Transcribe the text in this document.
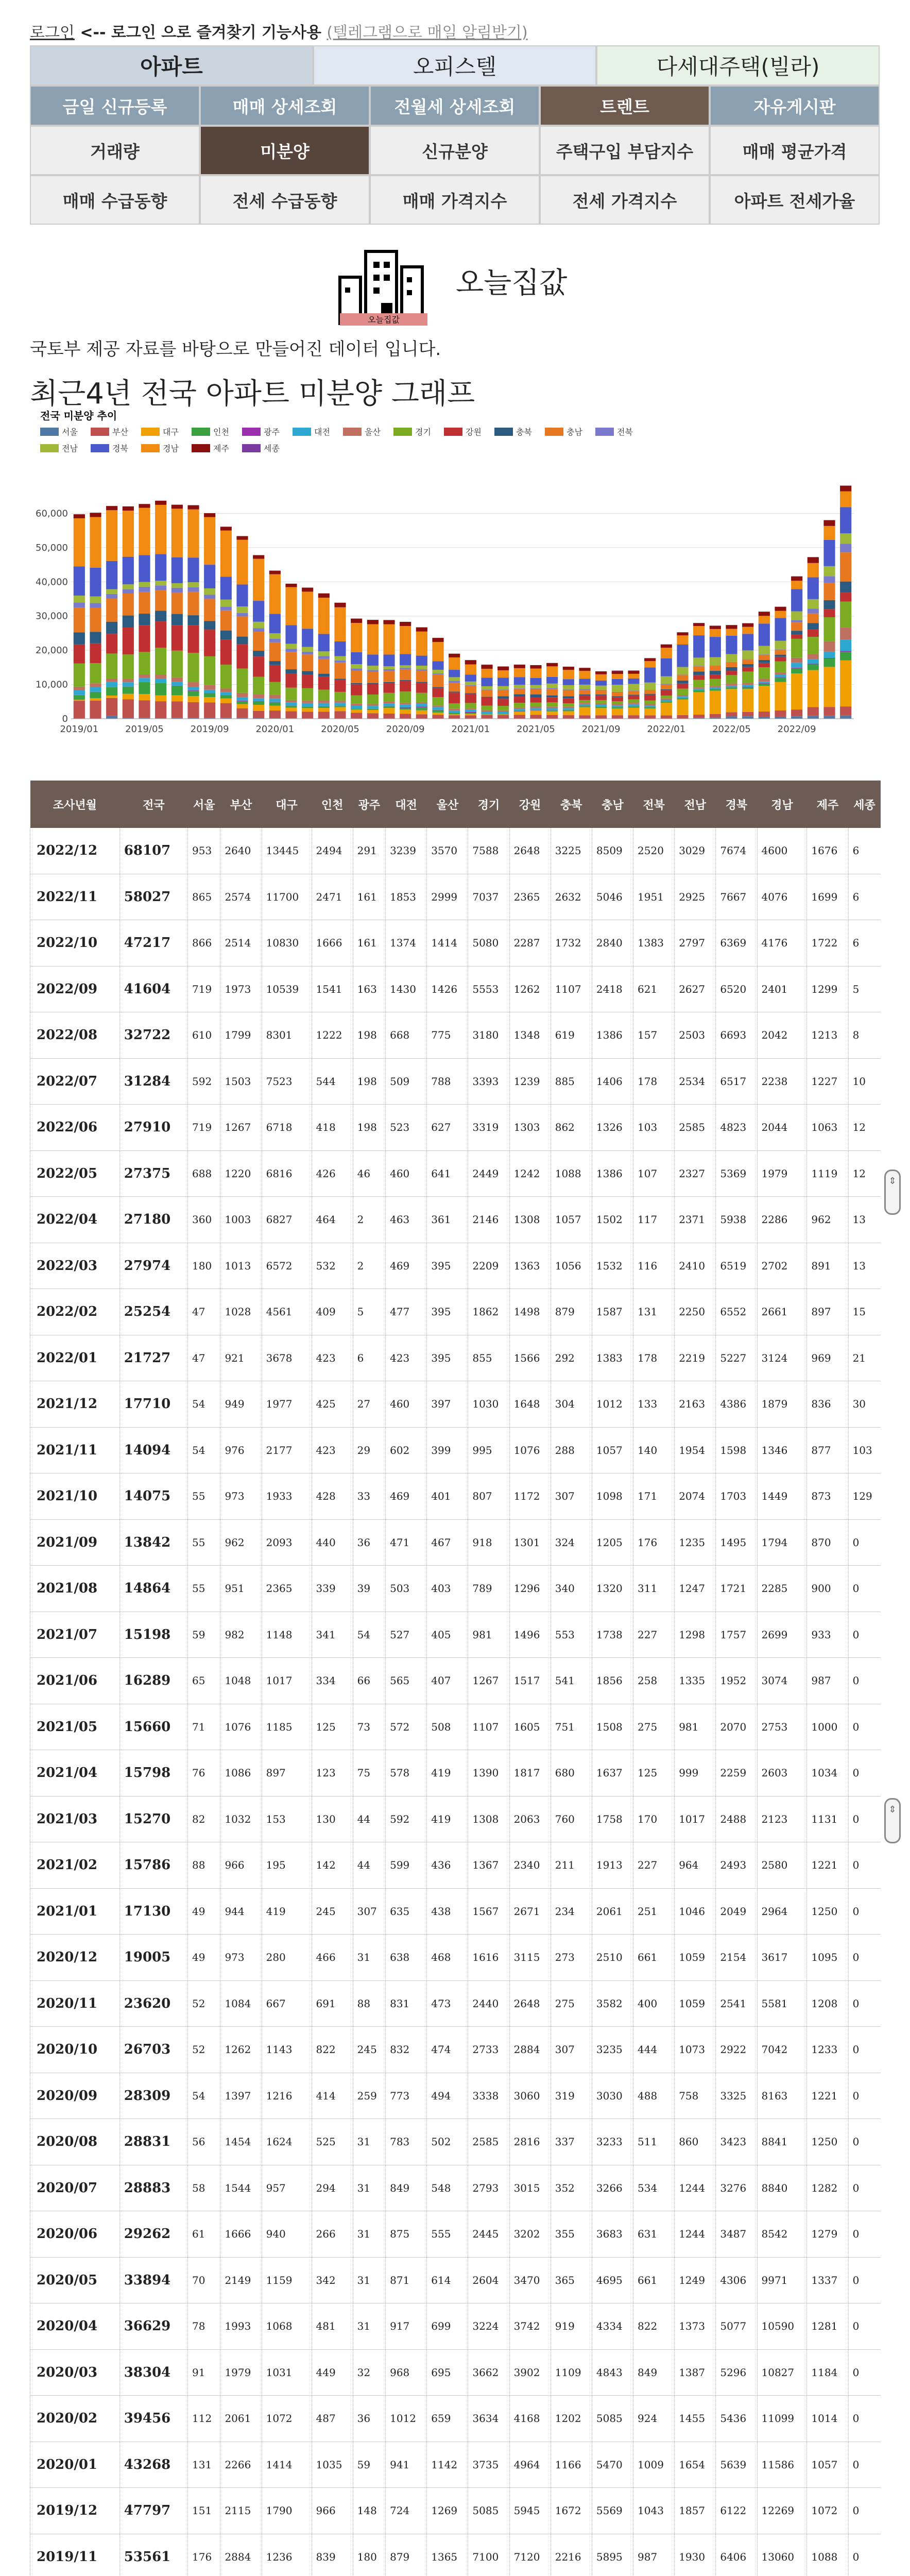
로그인 <-- 로그인 으로 즐겨찾기 기능사용 (텔레그램으로 매일 알림받기)
아파트	오피스텔	다세대주택(빌라)
금일 신규등록	매매 상세조회	전월세 상세조회	트렌트	자유게시판
거래량	미분양	신규분양	주택구입 부담지수	매매 평균가격
매매 수급동향	전세 수급동향	매매 가격지수	전세 가격지수	아파트 전세가율
오늘집값
오늘집값
국토부 제공 자료를 바탕으로 만들어진 데이터 입니다.
최근4년 전국 아파트 미분양 그래프
전국 미분양 추이
서울	부산	대구	인천	광주	대전	울산	경기	강원	충북	충남	전북
전남	경북	경남	제주	세종
0
10,000
20,000
30,000
40,000
50,000
60,000
2019/01	2019/05	2019/09	2020/01	2020/05	2020/09	2021/01	2021/05	2021/09	2022/01	2022/05	2022/09
조사년월	전국	서울	부산	대구	인천	광주	대전	울산	경기	강원	충북	충남	전북	전남	경북	경남	제주	세종
2022/12	68107	953	2640	13445	2494	291	3239	3570	7588	2648	3225	8509	2520	3029	7674	4600	1676	6
2022/11	58027	865	2574	11700	2471	161	1853	2999	7037	2365	2632	5046	1951	2925	7667	4076	1699	6
2022/10	47217	866	2514	10830	1666	161	1374	1414	5080	2287	1732	2840	1383	2797	6369	4176	1722	6
2022/09	41604	719	1973	10539	1541	163	1430	1426	5553	1262	1107	2418	621	2627	6520	2401	1299	5
2022/08	32722	610	1799	8301	1222	198	668	775	3180	1348	619	1386	157	2503	6693	2042	1213	8
2022/07	31284	592	1503	7523	544	198	509	788	3393	1239	885	1406	178	2534	6517	2238	1227	10
2022/06	27910	719	1267	6718	418	198	523	627	3319	1303	862	1326	103	2585	4823	2044	1063	12
2022/05	27375	688	1220	6816	426	46	460	641	2449	1242	1088	1386	107	2327	5369	1979	1119	12
2022/04	27180	360	1003	6827	464	2	463	361	2146	1308	1057	1502	117	2371	5938	2286	962	13
2022/03	27974	180	1013	6572	532	2	469	395	2209	1363	1056	1532	116	2410	6519	2702	891	13
2022/02	25254	47	1028	4561	409	5	477	395	1862	1498	879	1587	131	2250	6552	2661	897	15
2022/01	21727	47	921	3678	423	6	423	395	855	1566	292	1383	178	2219	5227	3124	969	21
2021/12	17710	54	949	1977	425	27	460	397	1030	1648	304	1012	133	2163	4386	1879	836	30
2021/11	14094	54	976	2177	423	29	602	399	995	1076	288	1057	140	1954	1598	1346	877	103
2021/10	14075	55	973	1933	428	33	469	401	807	1172	307	1098	171	2074	1703	1449	873	129
2021/09	13842	55	962	2093	440	36	471	467	918	1301	324	1205	176	1235	1495	1794	870	0
2021/08	14864	55	951	2365	339	39	503	403	789	1296	340	1320	311	1247	1721	2285	900	0
2021/07	15198	59	982	1148	341	54	527	405	981	1496	553	1738	227	1298	1757	2699	933	0
2021/06	16289	65	1048	1017	334	66	565	407	1267	1517	541	1856	258	1335	1952	3074	987	0
2021/05	15660	71	1076	1185	125	73	572	508	1107	1605	751	1508	275	981	2070	2753	1000	0
2021/04	15798	76	1086	897	123	75	578	419	1390	1817	680	1637	125	999	2259	2603	1034	0
2021/03	15270	82	1032	153	130	44	592	419	1308	2063	760	1758	170	1017	2488	2123	1131	0
2021/02	15786	88	966	195	142	44	599	436	1367	2340	211	1913	227	964	2493	2580	1221	0
2021/01	17130	49	944	419	245	307	635	438	1567	2671	234	2061	251	1046	2049	2964	1250	0
2020/12	19005	49	973	280	466	31	638	468	1616	3115	273	2510	661	1059	2154	3617	1095	0
2020/11	23620	52	1084	667	691	88	831	473	2440	2648	275	3582	400	1059	2541	5581	1208	0
2020/10	26703	52	1262	1143	822	245	832	474	2733	2884	307	3235	444	1073	2922	7042	1233	0
2020/09	28309	54	1397	1216	414	259	773	494	3338	3060	319	3030	488	758	3325	8163	1221	0
2020/08	28831	56	1454	1624	525	31	783	502	2585	2816	337	3233	511	860	3423	8841	1250	0
2020/07	28883	58	1544	957	294	31	849	548	2793	3015	352	3266	534	1244	3276	8840	1282	0
2020/06	29262	61	1666	940	266	31	875	555	2445	3202	355	3683	631	1244	3487	8542	1279	0
2020/05	33894	70	2149	1159	342	31	871	614	2604	3470	365	4695	661	1249	4306	9971	1337	0
2020/04	36629	78	1993	1068	481	31	917	699	3224	3742	919	4334	822	1373	5077	10590	1281	0
2020/03	38304	91	1979	1031	449	32	968	695	3662	3902	1109	4843	849	1387	5296	10827	1184	0
2020/02	39456	112	2061	1072	487	36	1012	659	3634	4168	1202	5085	924	1455	5436	11099	1014	0
2020/01	43268	131	2266	1414	1035	59	941	1142	3735	4964	1166	5470	1009	1654	5639	11586	1057	0
2019/12	47797	151	2115	1790	966	148	724	1269	5085	5945	1672	5569	1043	1857	6122	12269	1072	0
2019/11	53561	176	2884	1236	839	180	879	1365	7100	7120	2216	5895	987	1930	6406	13060	1088	0

⇕
⇕
